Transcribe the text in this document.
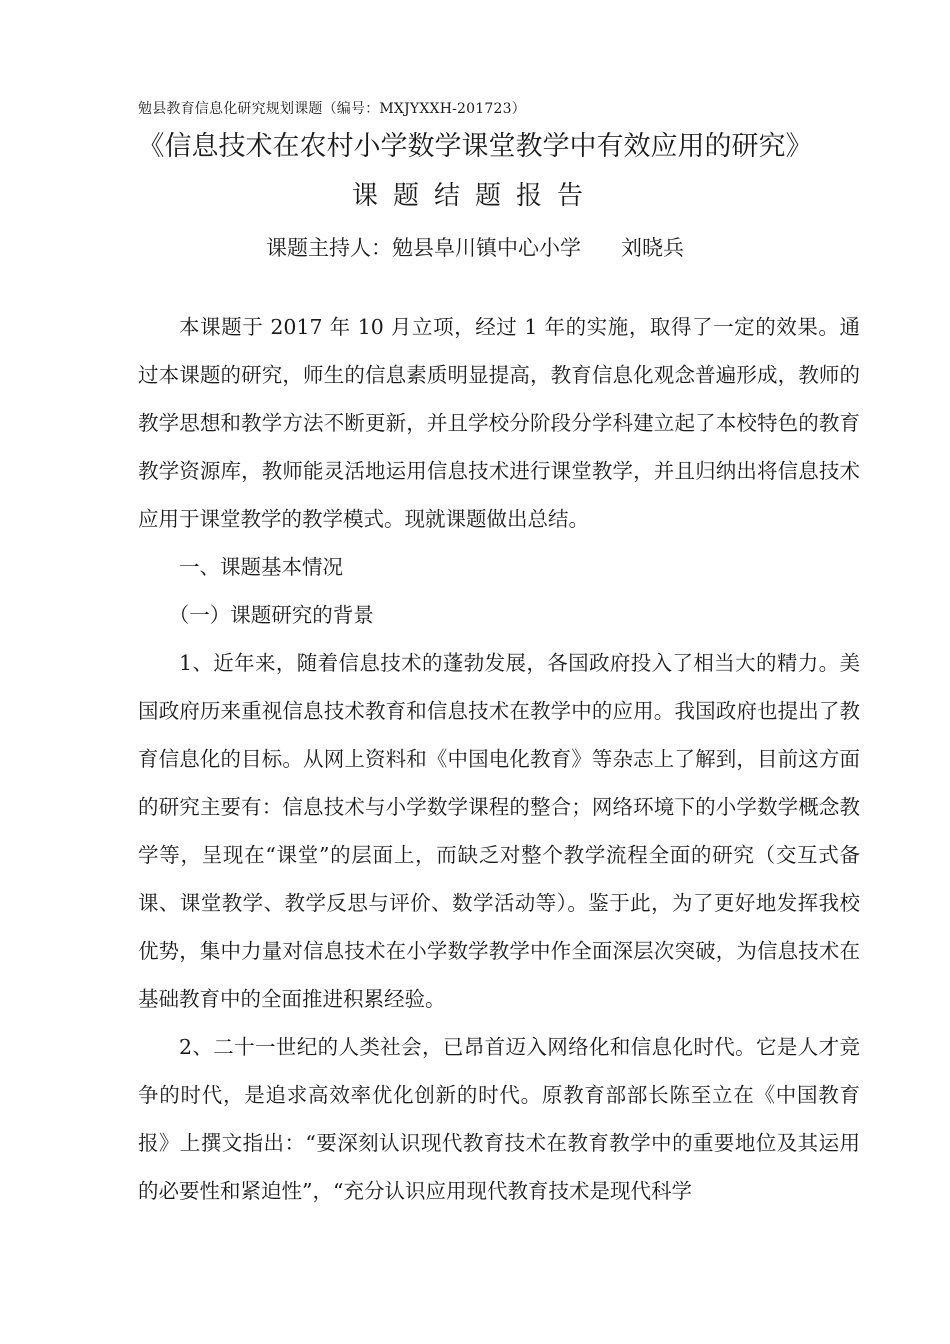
勉县教育信息化研究规划课题（编号：MXJYXXH-201723）
《信息技术在农村小学数学课堂教学中有效应用的研究》
课题结题报告
课题主持人：勉县阜川镇中心小学 刘晓兵

本课题于 2017 年 10 月立项，经过 1 年的实施，取得了一定的效果。通过本课题的研究，师生的信息素质明显提高，教育信息化观念普遍形成，教师的教学思想和教学方法不断更新，并且学校分阶段分学科建立起了本校特色的教育教学资源库，教师能灵活地运用信息技术进行课堂教学，并且归纳出将信息技术应用于课堂教学的教学模式。现就课题做出总结。

一、课题基本情况

（一）课题研究的背景

1、近年来，随着信息技术的蓬勃发展，各国政府投入了相当大的精力。美国政府历来重视信息技术教育和信息技术在教学中的应用。我国政府也提出了教育信息化的目标。从网上资料和《中国电化教育》等杂志上了解到，目前这方面的研究主要有：信息技术与小学数学课程的整合；网络环境下的小学数学概念教学等，呈现在“课堂”的层面上，而缺乏对整个教学流程全面的研究（交互式备课、课堂教学、教学反思与评价、数学活动等）。鉴于此，为了更好地发挥我校优势，集中力量对信息技术在小学数学教学中作全面深层次突破，为信息技术在基础教育中的全面推进积累经验。

2、二十一世纪的人类社会，已昂首迈入网络化和信息化时代。它是人才竞争的时代，是追求高效率优化创新的时代。原教育部部长陈至立在《中国教育报》上撰文指出：“要深刻认识现代教育技术在教育教学中的重要地位及其运用的必要性和紧迫性”，“充分认识应用现代教育技术是现代科学
